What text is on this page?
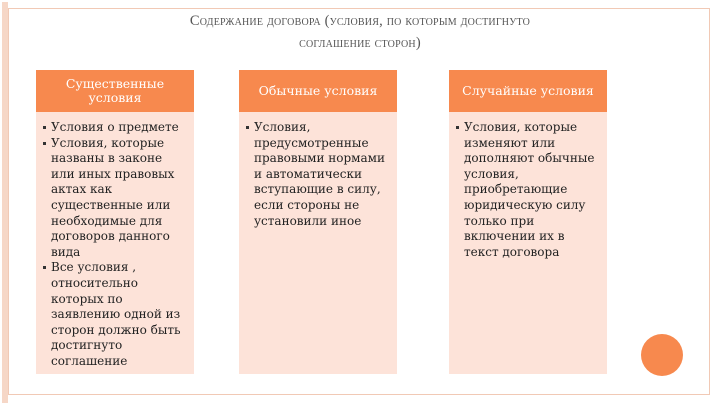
Содержание договора (условия, по которым достигнуто
соглашение сторон)
Существенные условия
Условия о предмете
Условия, которые названы в законе или иных правовых актах как существенные или необходимые для договоров данного вида
Все условия , относительно которых по заявлению одной из сторон должно быть достигнуто соглашение
Обычные условия
Условия, предусмотренные правовыми нормами и автоматически вступающие в силу, если стороны не установили иное
Случайные условия
Условия, которые изменяют или дополняют обычные условия, приобретающие юридическую силу только при включении их в текст договора
